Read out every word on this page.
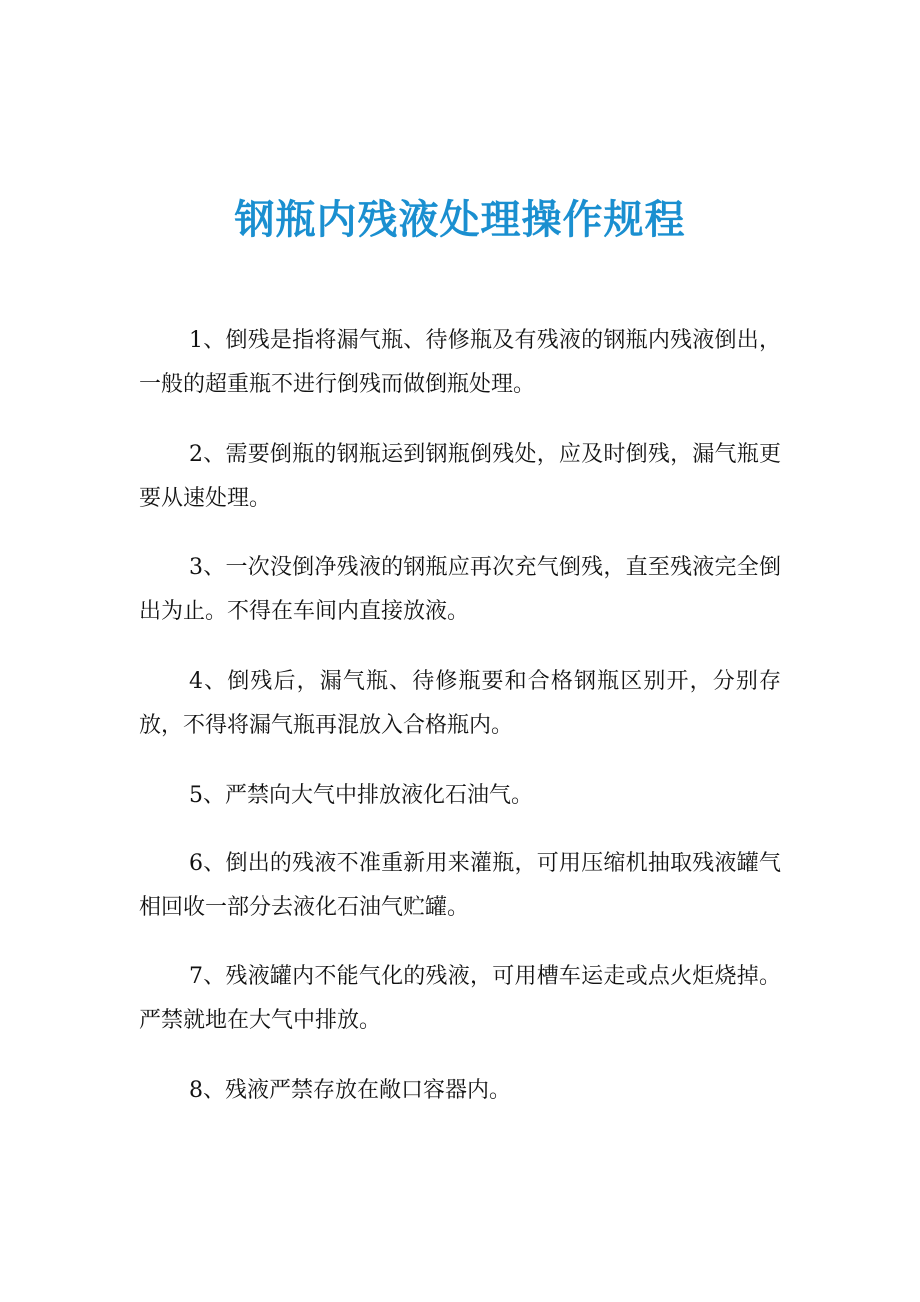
钢瓶内残液处理操作规程

1、倒残是指将漏气瓶、待修瓶及有残液的钢瓶内残液倒出，一般的超重瓶不进行倒残而做倒瓶处理。

2、需要倒瓶的钢瓶运到钢瓶倒残处，应及时倒残，漏气瓶更要从速处理。

3、一次没倒净残液的钢瓶应再次充气倒残，直至残液完全倒出为止。不得在车间内直接放液。

4、倒残后，漏气瓶、待修瓶要和合格钢瓶区别开，分别存放，不得将漏气瓶再混放入合格瓶内。

5、严禁向大气中排放液化石油气。

6、倒出的残液不准重新用来灌瓶，可用压缩机抽取残液罐气相回收一部分去液化石油气贮罐。

7、残液罐内不能气化的残液，可用槽车运走或点火炬烧掉。严禁就地在大气中排放。

8、残液严禁存放在敞口容器内。
